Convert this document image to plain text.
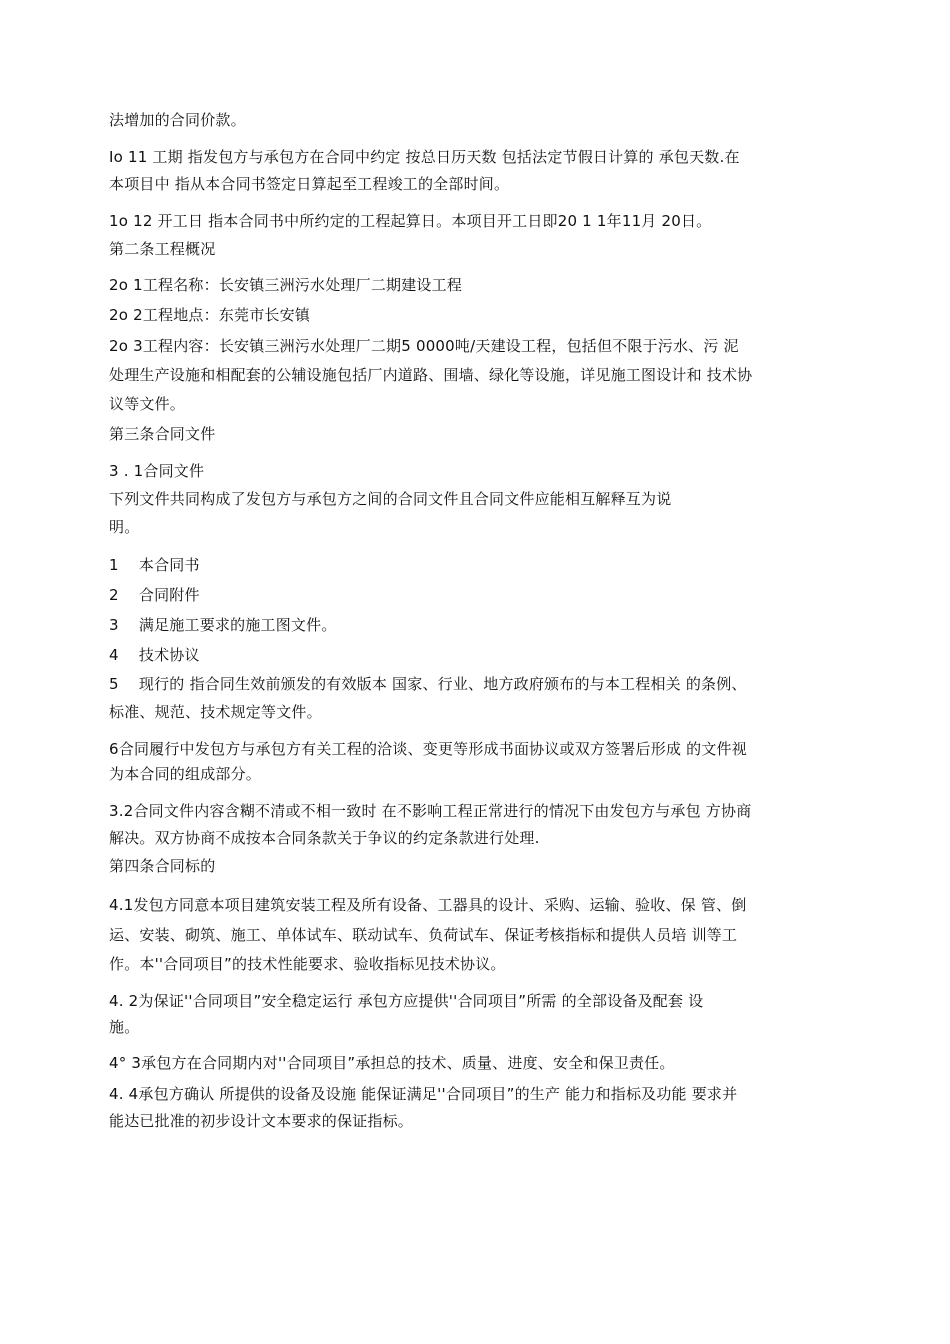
法增加的合同价款。
Io 11 工期 指发包方与承包方在合同中约定 按总日历天数 包括法定节假日计算的 承包天数.在
本项目中 指从本合同书签定日算起至工程竣工的全部时间。
1o 12 开工日 指本合同书中所约定的工程起算日。本项目开工日即20 1 1年11月 20日。
第二条工程概况
2o 1工程名称：长安镇三洲污水处理厂二期建设工程
2o 2工程地点：东莞市长安镇
2o 3工程内容：长安镇三洲污水处理厂二期5 0000吨/天建设工程，包括但不限于污水、污 泥
处理生产设施和相配套的公辅设施包括厂内道路、围墙、绿化等设施，详见施工图设计和 技术协
议等文件。
第三条合同文件
3 . 1合同文件
下列文件共同构成了发包方与承包方之间的合同文件且合同文件应能相互解释互为说
明。
1　 本合同书
2　 合同附件
3　 满足施工要求的施工图文件。
4　 技术协议
5　 现行的 指合同生效前颁发的有效版本 国家、行业、地方政府颁布的与本工程相关 的条例、
标准、规范、技术规定等文件。
6合同履行中发包方与承包方有关工程的洽谈、变更等形成书面协议或双方签署后形成 的文件视
为本合同的组成部分。
3.2合同文件内容含糊不清或不相一致时 在不影响工程正常进行的情况下由发包方与承包 方协商
解决。双方协商不成按本合同条款关于争议的约定条款进行处理.
第四条合同标的
4.1发包方同意本项目建筑安装工程及所有设备、工器具的设计、采购、运输、验收、保 管、倒
运、安装、砌筑、施工、单体试车、联动试车、负荷试车、保证考核指标和提供人员培 训等工
作。本''合同项目”的技术性能要求、验收指标见技术协议。
4. 2为保证''合同项目”安全稳定运行 承包方应提供''合同项目”所需 的全部设备及配套 设
施。
4° 3承包方在合同期内对''合同项目”承担总的技术、质量、进度、安全和保卫责任。
4. 4承包方确认 所提供的设备及设施 能保证满足''合同项目”的生产 能力和指标及功能 要求并
能达已批准的初步设计文本要求的保证指标。
